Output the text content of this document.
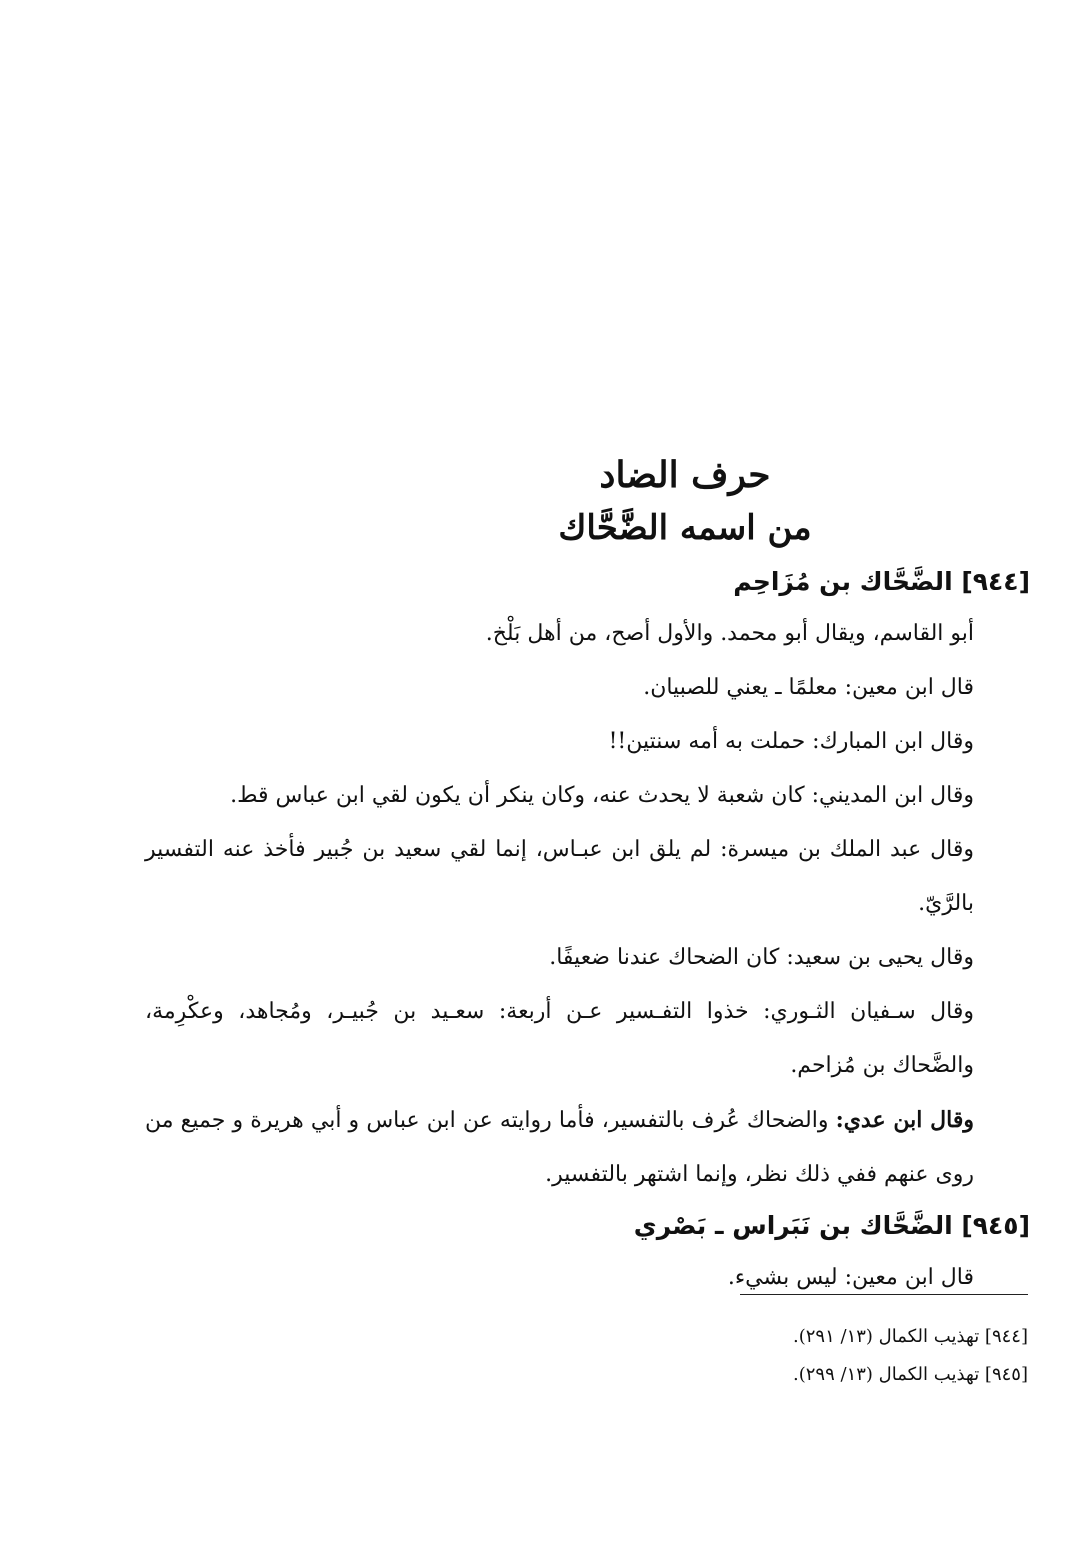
حرف الضاد
من اسمه الضَّحَّاك
[٩٤٤] الضَّحَّاك بن مُزَاحِم
أبو القاسم، ويقال أبو محمد. والأول أصح، من أهل بَلْخ.
قال ابن معين: معلمًا ـ يعني للصبيان.
وقال ابن المبارك: حملت به أمه سنتين!!
وقال ابن المديني: كان شعبة لا يحدث عنه، وكان ينكر أن يكون لقي ابن عباس قط.
وقال عبد الملك بن ميسرة: لم يلق ابن عبـاس، إنما لقي سعيد بن جُبير فأخذ عنه التفسير بالرَّيّ.
وقال يحيى بن سعيد: كان الضحاك عندنا ضعيفًا.
وقال سـفيان الثـوري: خذوا التفـسير عـن أربعة: سعـيد بن جُبيـر، ومُجاهد، وعكْرِمة، والضَّحاك بن مُزاحم.
وقال ابن عدي: والضحاك عُرف بالتفسير، فأما روايته عن ابن عباس و أبي هريرة و جميع من روى عنهم ففي ذلك نظر، وإنما اشتهر بالتفسير.
[٩٤٥] الضَّحَّاك بن نَبَراس ـ بَصْري
قال ابن معين: ليس بشيء.
[٩٤٤] تهذيب الكمال (١٣/ ٢٩١).
[٩٤٥] تهذيب الكمال (١٣/ ٢٩٩).
